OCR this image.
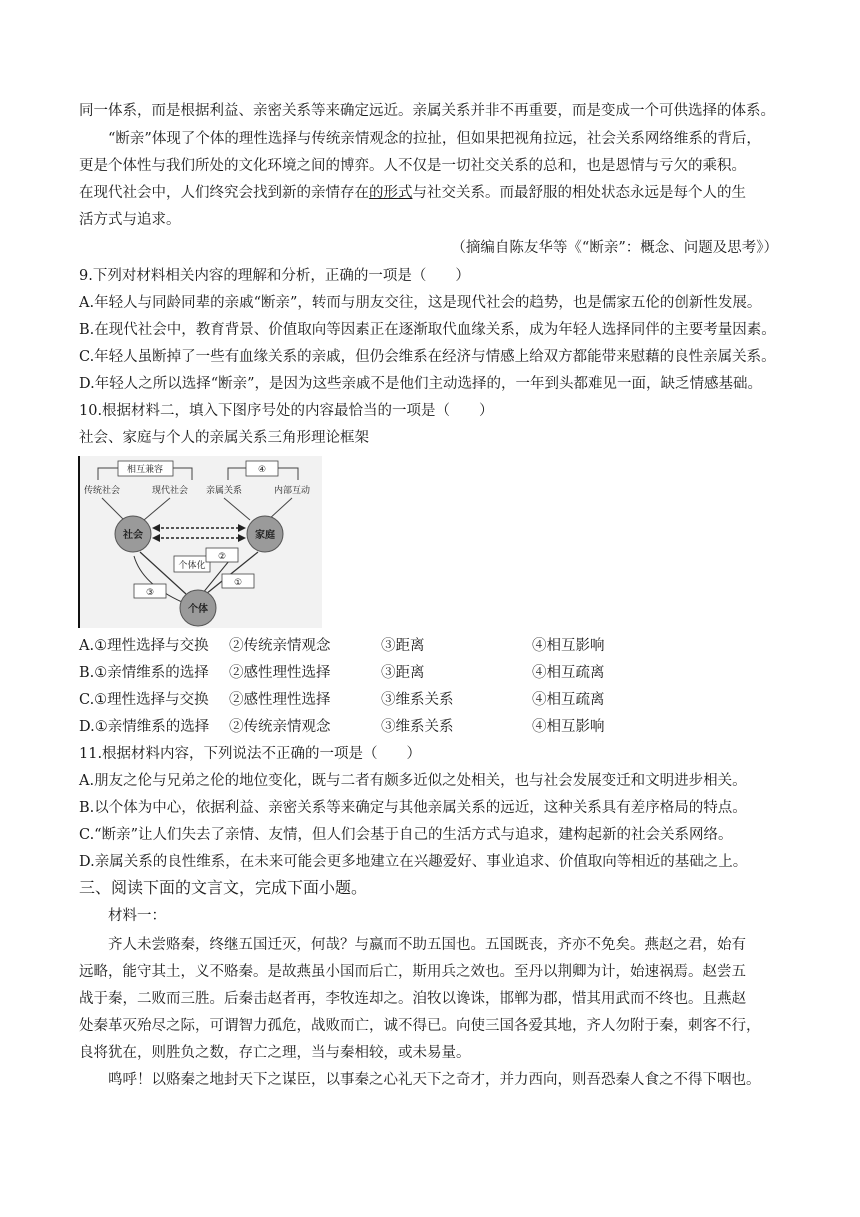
同一体系，而是根据利益、亲密关系等来确定远近。亲属关系并非不再重要，而是变成一个可供选择的体系。
“断亲”体现了个体的理性选择与传统亲情观念的拉扯，但如果把视角拉远，社会关系网络维系的背后，
更是个体性与我们所处的文化环境之间的博弈。人不仅是一切社交关系的总和，也是恩情与亏欠的乘积。
在现代社会中，人们终究会找到新的亲情存在的形式与社交关系。而最舒服的相处状态永远是每个人的生
活方式与追求。
（摘编自陈友华等《“断亲”：概念、问题及思考》）
9.下列对材料相关内容的理解和分析，正确的一项是（　　）
A.年轻人与同龄同辈的亲戚“断亲”，转而与朋友交往，这是现代社会的趋势，也是儒家五伦的创新性发展。
B.在现代社会中，教育背景、价值取向等因素正在逐渐取代血缘关系，成为年轻人选择同伴的主要考量因素。
C.年轻人虽断掉了一些有血缘关系的亲戚，但仍会维系在经济与情感上给双方都能带来慰藉的良性亲属关系。
D.年轻人之所以选择“断亲”，是因为这些亲戚不是他们主动选择的，一年到头都难见一面，缺乏情感基础。
10.根据材料二，填入下图序号处的内容最恰当的一项是（　　）
社会、家庭与个人的亲属关系三角形理论框架
相互兼容	④
传统社会	现代社会 亲属关系	内部互动
社会	家庭
个体
个体化
②
①
③
A.①理性选择与交换 ②传统亲情观念	③距离	④相互影响
B.①亲情维系的选择 ②感性理性选择	③距离	④相互疏离
C.①理性选择与交换 ②感性理性选择	③维系关系	④相互疏离
D.①亲情维系的选择 ②传统亲情观念	③维系关系	④相互影响
11.根据材料内容，下列说法不正确的一项是（　　）
A.朋友之伦与兄弟之伦的地位变化，既与二者有颇多近似之处相关，也与社会发展变迁和文明进步相关。
B.以个体为中心，依据利益、亲密关系等来确定与其他亲属关系的远近，这种关系具有差序格局的特点。
C.“断亲”让人们失去了亲情、友情，但人们会基于自己的生活方式与追求，建构起新的社会关系网络。
D.亲属关系的良性维系，在未来可能会更多地建立在兴趣爱好、事业追求、价值取向等相近的基础之上。
三、阅读下面的文言文，完成下面小题。
材料一：
齐人未尝赂秦，终继五国迁灭，何哉？与嬴而不助五国也。五国既丧，齐亦不免矣。燕赵之君，始有
远略，能守其土，义不赂秦。是故燕虽小国而后亡，斯用兵之效也。至丹以荆卿为计，始速祸焉。赵尝五
战于秦，二败而三胜。后秦击赵者再，李牧连却之。洎牧以谗诛，邯郸为郡，惜其用武而不终也。且燕赵
处秦革灭殆尽之际，可谓智力孤危，战败而亡，诚不得已。向使三国各爱其地，齐人勿附于秦，刺客不行，
良将犹在，则胜负之数，存亡之理，当与秦相较，或未易量。
鸣呼！以赂秦之地封天下之谋臣，以事秦之心礼天下之奇才，并力西向，则吾恐秦人食之不得下咽也。
